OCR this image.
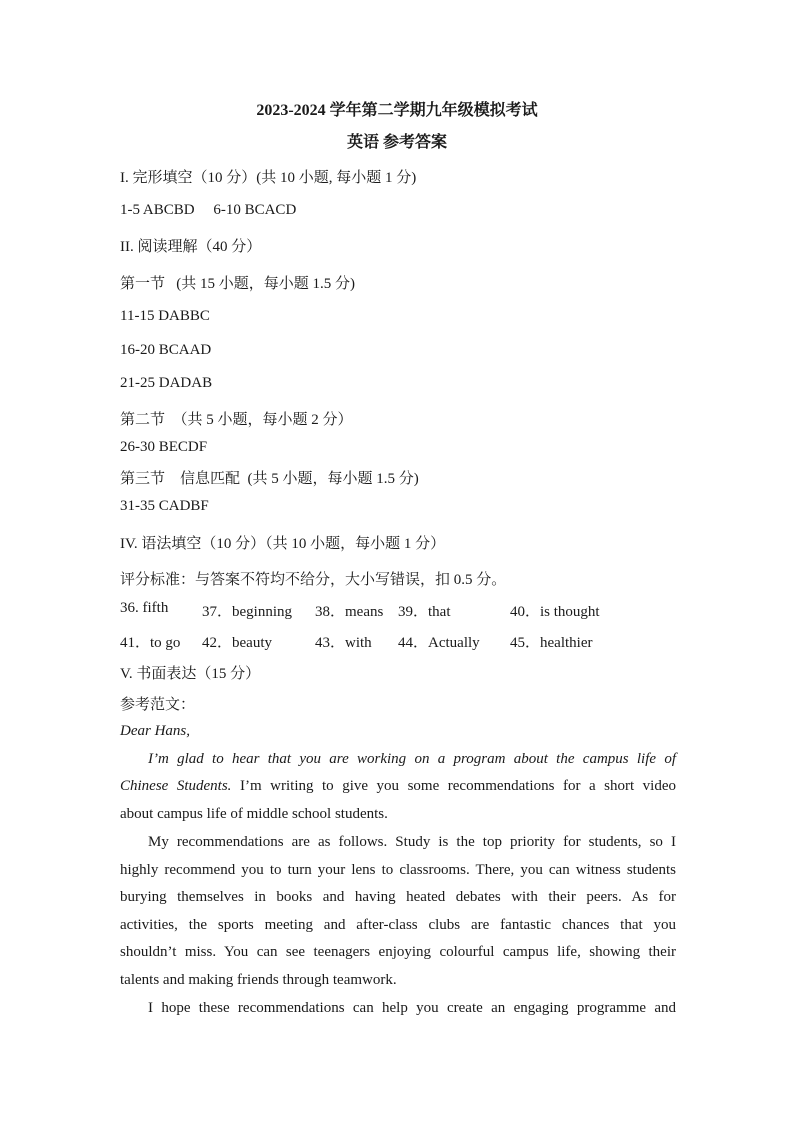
2023-2024 学年第二学期九年级模拟考试
英语 参考答案
I. 完形填空（10 分）(共 10 小题, 每小题 1 分)
1-5 ABCBD     6-10 BCACD
II. 阅读理解（40 分）
第一节   (共 15 小题，每小题 1.5 分)
11-15 DABBC
16-20 BCAAD
21-25 DADAB
第二节  （共 5 小题，每小题 2 分）
26-30 BECDF
第三节    信息匹配  (共 5 小题，每小题 1.5 分)
31-35 CADBF
IV. 语法填空（10 分）（共 10 小题，每小题 1 分）
评分标准：与答案不符均不给分，大小写错误，扣 0.5 分。
36. fifth 37．beginning 38．means 39．that	40．is thought
41．to go 42．beauty	43．with 44．Actually 45．healthier
V. 书面表达（15 分）
参考范文：
Dear Hans,
I’m glad to hear that you are working on a program about the campus life of
Chinese Students. I’m writing to give you some recommendations for a short video
about campus life of middle school students.
My recommendations are as follows. Study is the top priority for students, so I
highly recommend you to turn your lens to classrooms. There, you can witness students
burying themselves in books and having heated debates with their peers. As for
activities, the sports meeting and after-class clubs are fantastic chances that you
shouldn’t miss. You can see teenagers enjoying colourful campus life, showing their
talents and making friends through teamwork.
I hope these recommendations can help you create an engaging programme and
